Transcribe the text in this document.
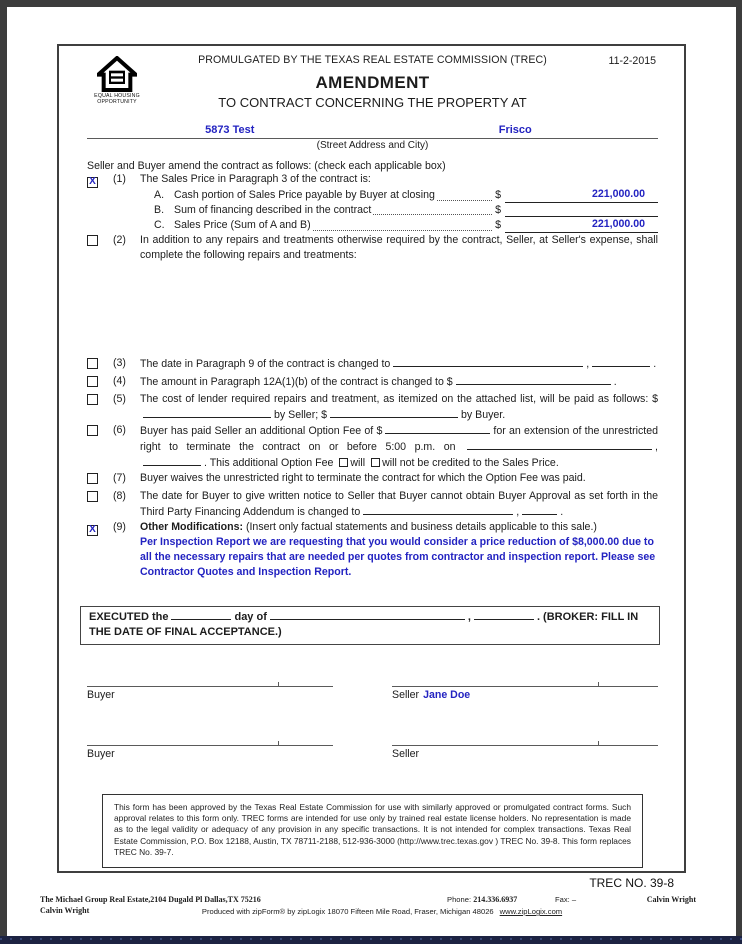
EQUAL HOUSING
OPPORTUNITY
PROMULGATED BY THE TEXAS REAL ESTATE COMMISSION (TREC)	11-2-2015
AMENDMENT
TO CONTRACT CONCERNING THE PROPERTY AT
5873 Test	Frisco
(Street Address and City)
Seller and Buyer amend the contract as follows: (check each applicable box)
X (1)	The Sales Price in Paragraph 3 of the contract is:
A. Cash portion of Sales Price payable by Buyer at closing	$	221,000.00
B. Sum of financing described in the contract	$
C. Sales Price (Sum of A and B)	$	221,000.00
(2)	In addition to any repairs and treatments otherwise required by the contract, Seller, at Seller's expense, shall complete the following repairs and treatments:
(3)	The date in Paragraph 9 of the contract is changed to	,	.
(4)	The amount in Paragraph 12A(1)(b) of the contract is changed to $	.
(5)	The cost of lender required repairs and treatment, as itemized on the attached list, will be paid as follows: $by Seller; $	by Buyer.
(6)	Buyer has paid Seller an additional Option Fee of $	for an extension of the unrestricted right to terminate the contract on or before 5:00 p.m. on	,. This additional Option Fee will will not be credited to the Sales Price.
(7)	Buyer waives the unrestricted right to terminate the contract for which the Option Fee was paid.
(8)	The date for Buyer to give written notice to Seller that Buyer cannot obtain Buyer Approval as set forth in the Third Party Financing Addendum is changed to	,	.
X (9)	Other Modifications: (Insert only factual statements and business details applicable to this sale.)
Per Inspection Report we are requesting that you would consider a price reduction of $8,000.00 due to all the necessary repairs that are needed per quotes from contractor and inspection report. Please see Contractor Quotes and Inspection Report.
EXECUTED the	day of	,	. (BROKER: FILL IN THE DATE OF FINAL ACCEPTANCE.)
Buyer	Seller Jane Doe
Buyer	Seller
This form has been approved by the Texas Real Estate Commission for use with similarly approved or promulgated contract forms. Such approval relates to this form only. TREC forms are intended for use only by trained real estate license holders. No representation is made as to the legal validity or adequacy of any provision in any specific transactions. It is not intended for complex transactions. Texas Real Estate Commission, P.O. Box 12188, Austin, TX 78711-2188, 512-936-3000 (http://www.trec.texas.gov ) TREC No. 39-8. This form replaces TREC No. 39-7.
TREC NO. 39-8
The Michael Group Real Estate,2104 Dugald Pl Dallas,TX 75216	Phone: 214.336.6937	Fax: –	Calvin Wright
Calvin Wright	Produced with zipForm® by zipLogix 18070 Fifteen Mile Road, Fraser, Michigan 48026 www.zipLogix.com
